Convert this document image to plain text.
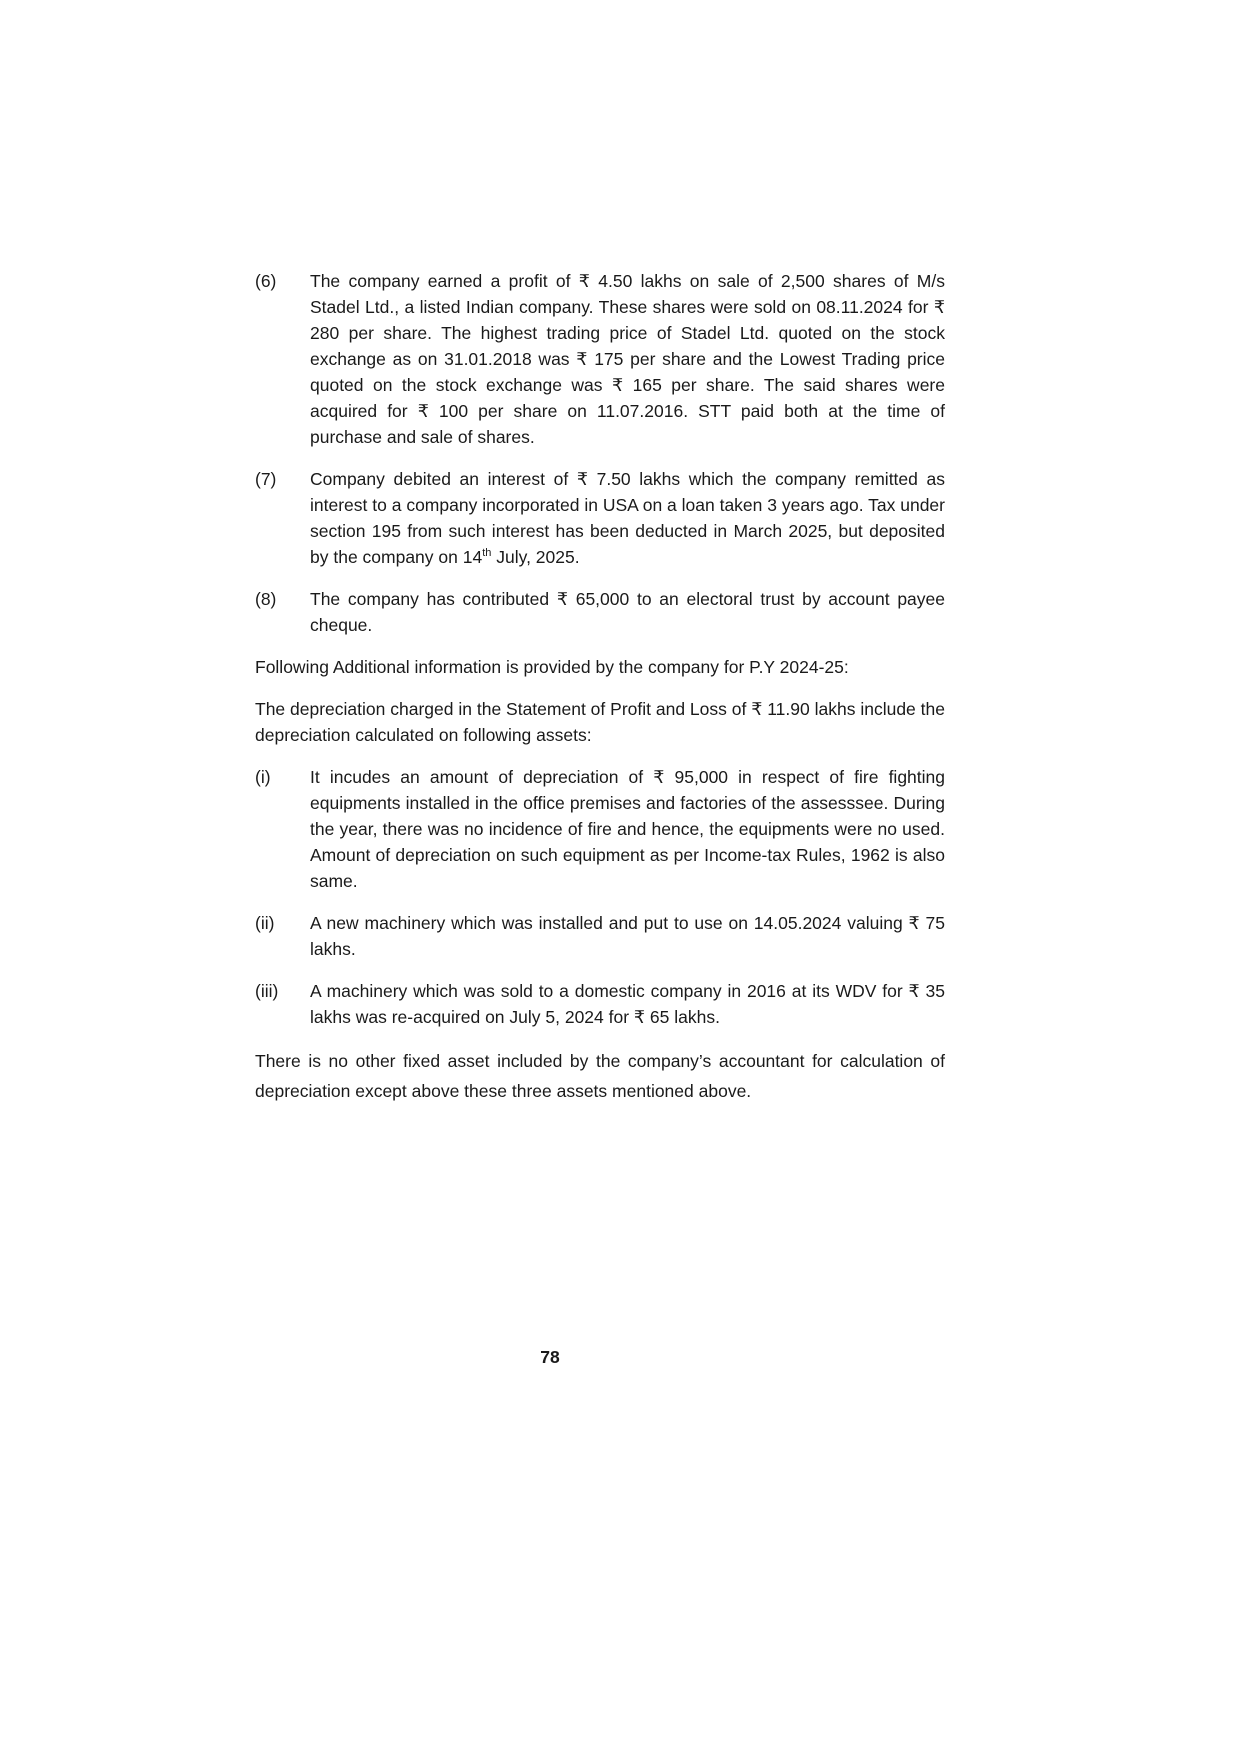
(6)	The company earned a profit of ₹ 4.50 lakhs on sale of 2,500 shares of M/s Stadel Ltd., a listed Indian company. These shares were sold on 08.11.2024 for ₹ 280 per share. The highest trading price of Stadel Ltd. quoted on the stock exchange as on 31.01.2018 was ₹ 175 per share and the Lowest Trading price quoted on the stock exchange was ₹ 165 per share. The said shares were acquired for ₹ 100 per share on 11.07.2016. STT paid both at the time of purchase and sale of shares.
(7)	Company debited an interest of ₹ 7.50 lakhs which the company remitted as interest to a company incorporated in USA on a loan taken 3 years ago. Tax under section 195 from such interest has been deducted in March 2025, but deposited by the company on 14th July, 2025.
(8)	The company has contributed ₹ 65,000 to an electoral trust by account payee cheque.
Following Additional information is provided by the company for P.Y 2024-25:
The depreciation charged in the Statement of Profit and Loss of ₹ 11.90 lakhs include the depreciation calculated on following assets:
(i)	It incudes an amount of depreciation of ₹ 95,000 in respect of fire fighting equipments installed in the office premises and factories of the assesssee. During the year, there was no incidence of fire and hence, the equipments were no used. Amount of depreciation on such equipment as per Income-tax Rules, 1962 is also same.
(ii)	A new machinery which was installed and put to use on 14.05.2024 valuing ₹ 75 lakhs.
(iii)	A machinery which was sold to a domestic company in 2016 at its WDV for ₹ 35 lakhs was re-acquired on July 5, 2024 for ₹ 65 lakhs.
There is no other fixed asset included by the company’s accountant for calculation of depreciation except above these three assets mentioned above.
78
